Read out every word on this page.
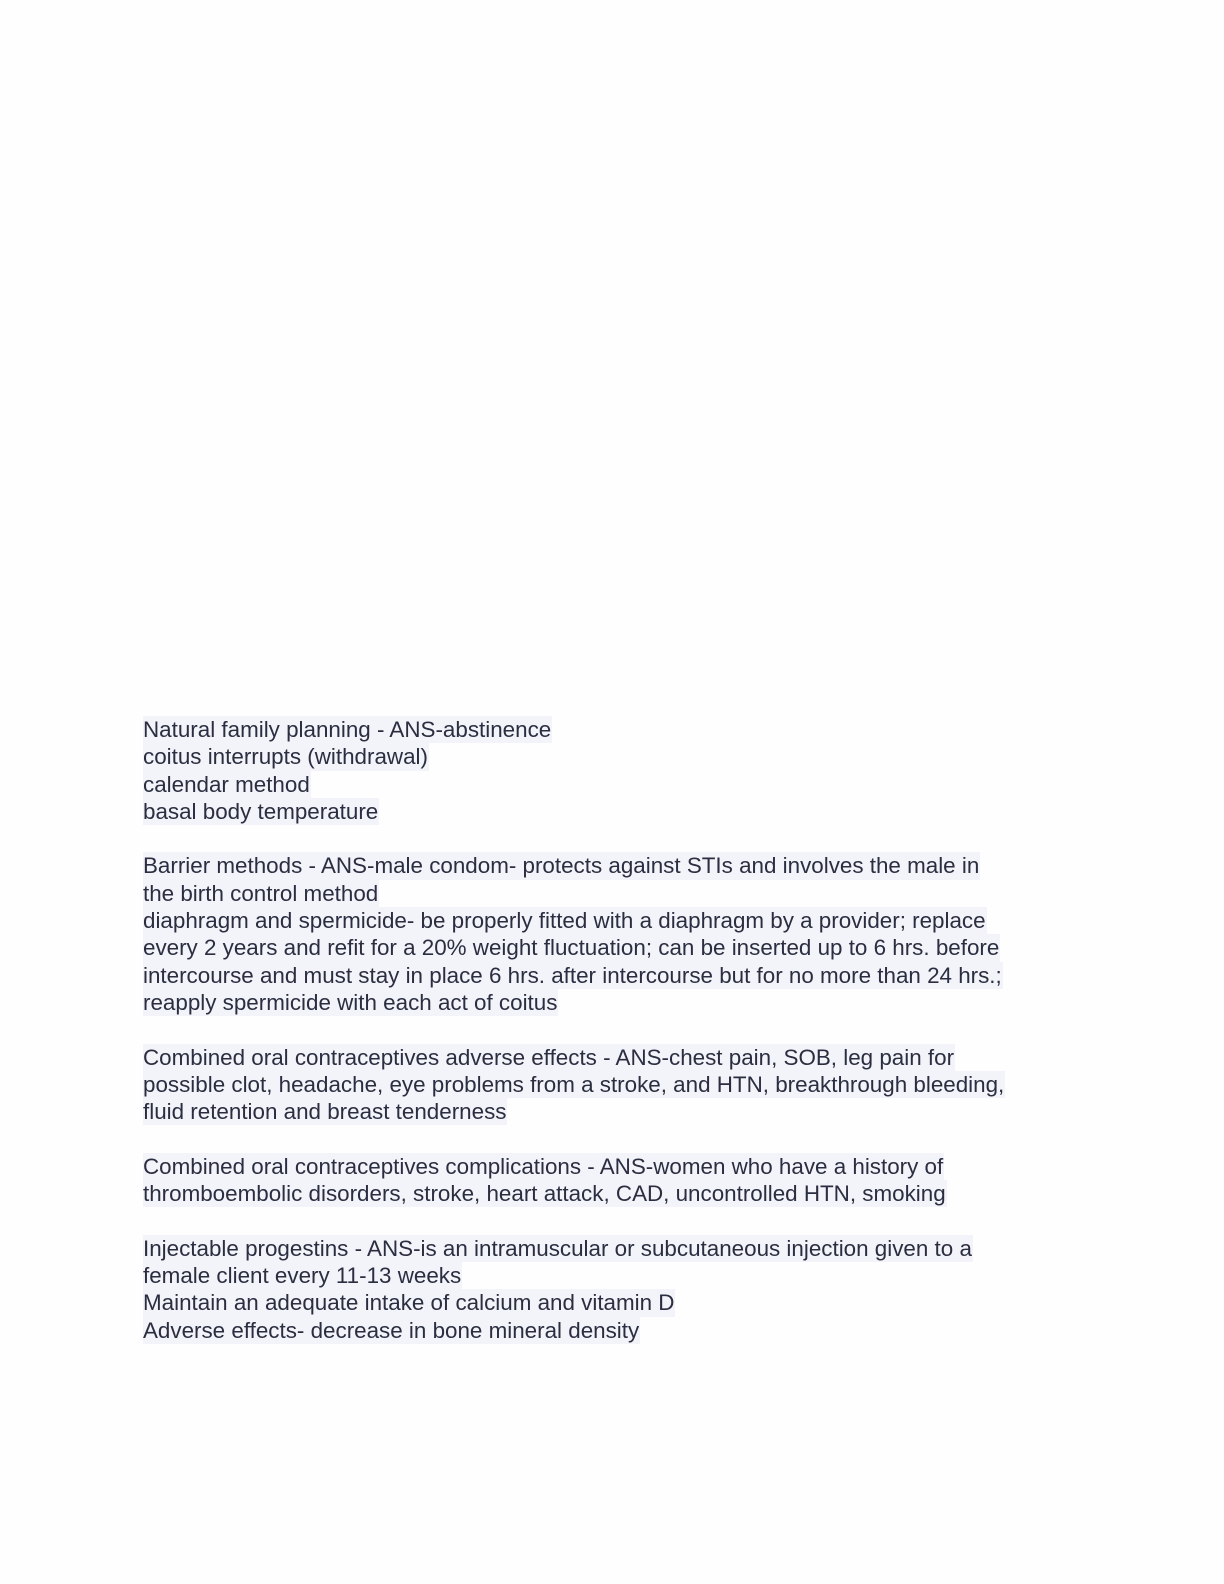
Natural family planning - ANS-abstinence
coitus interrupts (withdrawal)
calendar method
basal body temperature
Barrier methods - ANS-male condom- protects against STIs and involves the male in
the birth control method
diaphragm and spermicide- be properly fitted with a diaphragm by a provider; replace
every 2 years and refit for a 20% weight fluctuation; can be inserted up to 6 hrs. before
intercourse and must stay in place 6 hrs. after intercourse but for no more than 24 hrs.;
reapply spermicide with each act of coitus
Combined oral contraceptives adverse effects - ANS-chest pain, SOB, leg pain for
possible clot, headache, eye problems from a stroke, and HTN, breakthrough bleeding,
fluid retention and breast tenderness
Combined oral contraceptives complications - ANS-women who have a history of
thromboembolic disorders, stroke, heart attack, CAD, uncontrolled HTN, smoking
Injectable progestins - ANS-is an intramuscular or subcutaneous injection given to a
female client every 11-13 weeks
Maintain an adequate intake of calcium and vitamin D
Adverse effects- decrease in bone mineral density
